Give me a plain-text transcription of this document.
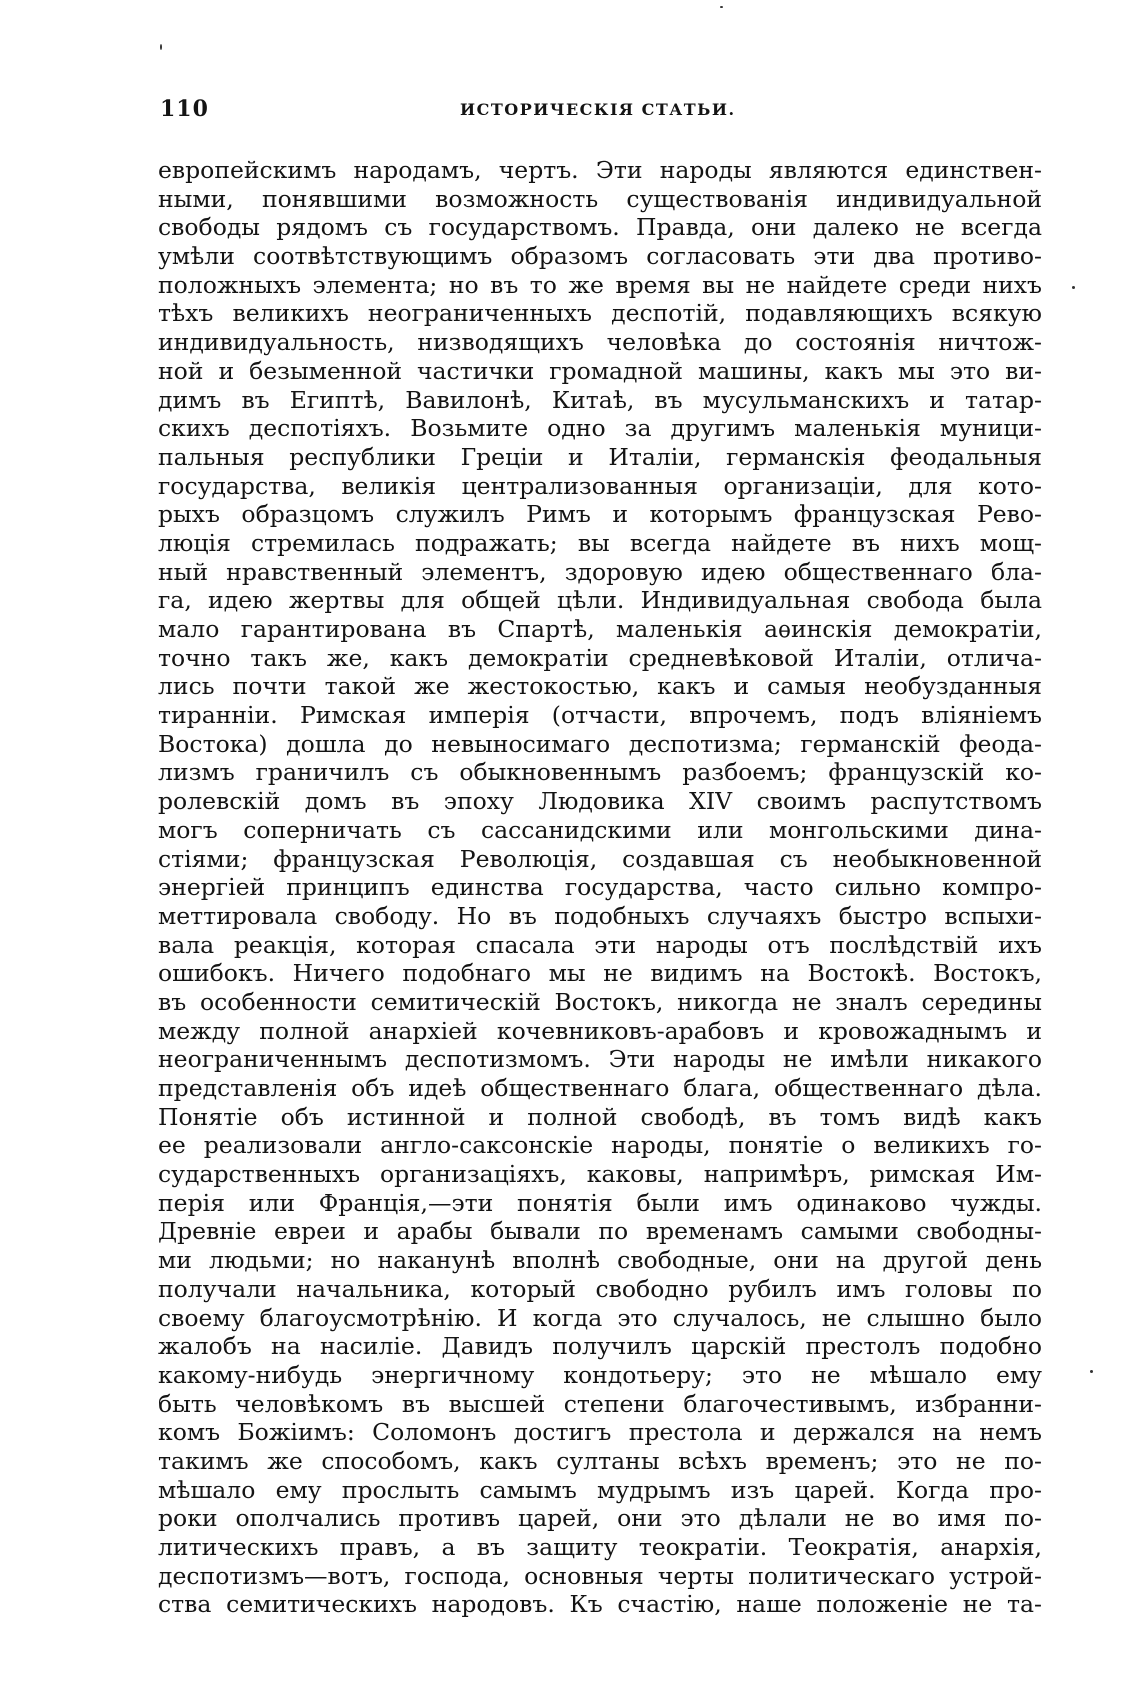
110	ИСТОРИЧЕСКІЯ СТАТЬИ.
европейскимъ народамъ, чертъ. Эти народы являются единствен-
ными, понявшими возможность существованія индивидуальной
свободы рядомъ съ государствомъ. Правда, они далеко не всегда
умѣли соотвѣтствующимъ образомъ согласовать эти два противо-
положныхъ элемента; но въ то же время вы не найдете среди нихъ
тѣхъ великихъ неограниченныхъ деспотій, подавляющихъ всякую
индивидуальность, низводящихъ человѣка до состоянія ничтож-
ной и безыменной частички громадной машины, какъ мы это ви-
димъ въ Египтѣ, Вавилонѣ, Китаѣ, въ мусульманскихъ и татар-
скихъ деспотіяхъ. Возьмите одно за другимъ маленькія муници-
пальныя республики Греціи и Италіи, германскія феодальныя
государства, великія централизованныя организаціи, для кото-
рыхъ образцомъ служилъ Римъ и которымъ французская Рево-
люція стремилась подражать; вы всегда найдете въ нихъ мощ-
ный нравственный элементъ, здоровую идею общественнаго бла-
га, идею жертвы для общей цѣли. Индивидуальная свобода была
мало гарантирована въ Спартѣ, маленькія аѳинскія демократіи,
точно такъ же, какъ демократіи средневѣковой Италіи, отлича-
лись почти такой же жестокостью, какъ и самыя необузданныя
тиранніи. Римская имперія (отчасти, впрочемъ, подъ вліяніемъ
Востока) дошла до невыносимаго деспотизма; германскій феода-
лизмъ граничилъ съ обыкновеннымъ разбоемъ; французскій ко-
ролевскій домъ въ эпоху Людовика XIV своимъ распутствомъ
могъ соперничать съ сассанидскими или монгольскими дина-
стіями; французская Революція, создавшая съ необыкновенной
энергіей принципъ единства государства, часто сильно компро-
меттировала свободу. Но въ подобныхъ случаяхъ быстро вспыхи-
вала реакція, которая спасала эти народы отъ послѣдствій ихъ
ошибокъ. Ничего подобнаго мы не видимъ на Востокѣ. Востокъ,
въ особенности семитическій Востокъ, никогда не зналъ середины
между полной анархіей кочевниковъ-арабовъ и кровожаднымъ и
неограниченнымъ деспотизмомъ. Эти народы не имѣли никакого
представленія объ идеѣ общественнаго блага, общественнаго дѣла.
Понятіе объ истинной и полной свободѣ, въ томъ видѣ какъ
ее реализовали англо-саксонскіе народы, понятіе о великихъ го-
сударственныхъ организаціяхъ, каковы, напримѣръ, римская Им-
перія или Франція,—эти понятія были имъ одинаково чужды.
Древніе евреи и арабы бывали по временамъ самыми свободны-
ми людьми; но наканунѣ вполнѣ свободные, они на другой день
получали начальника, который свободно рубилъ имъ головы по
своему благоусмотрѣнію. И когда это случалось, не слышно было
жалобъ на насиліе. Давидъ получилъ царскій престолъ подобно
какому-нибудь энергичному кондотьеру; это не мѣшало ему
быть человѣкомъ въ высшей степени благочестивымъ, избранни-
комъ Божіимъ: Соломонъ достигъ престола и держался на немъ
такимъ же способомъ, какъ султаны всѣхъ временъ; это не по-
мѣшало ему прослыть самымъ мудрымъ изъ царей. Когда про-
роки ополчались противъ царей, они это дѣлали не во имя по-
литическихъ правъ, а въ защиту теократіи. Теократія, анархія,
деспотизмъ—вотъ, господа, основныя черты политическаго устрой-
ства семитическихъ народовъ. Къ счастію, наше положеніе не та-
